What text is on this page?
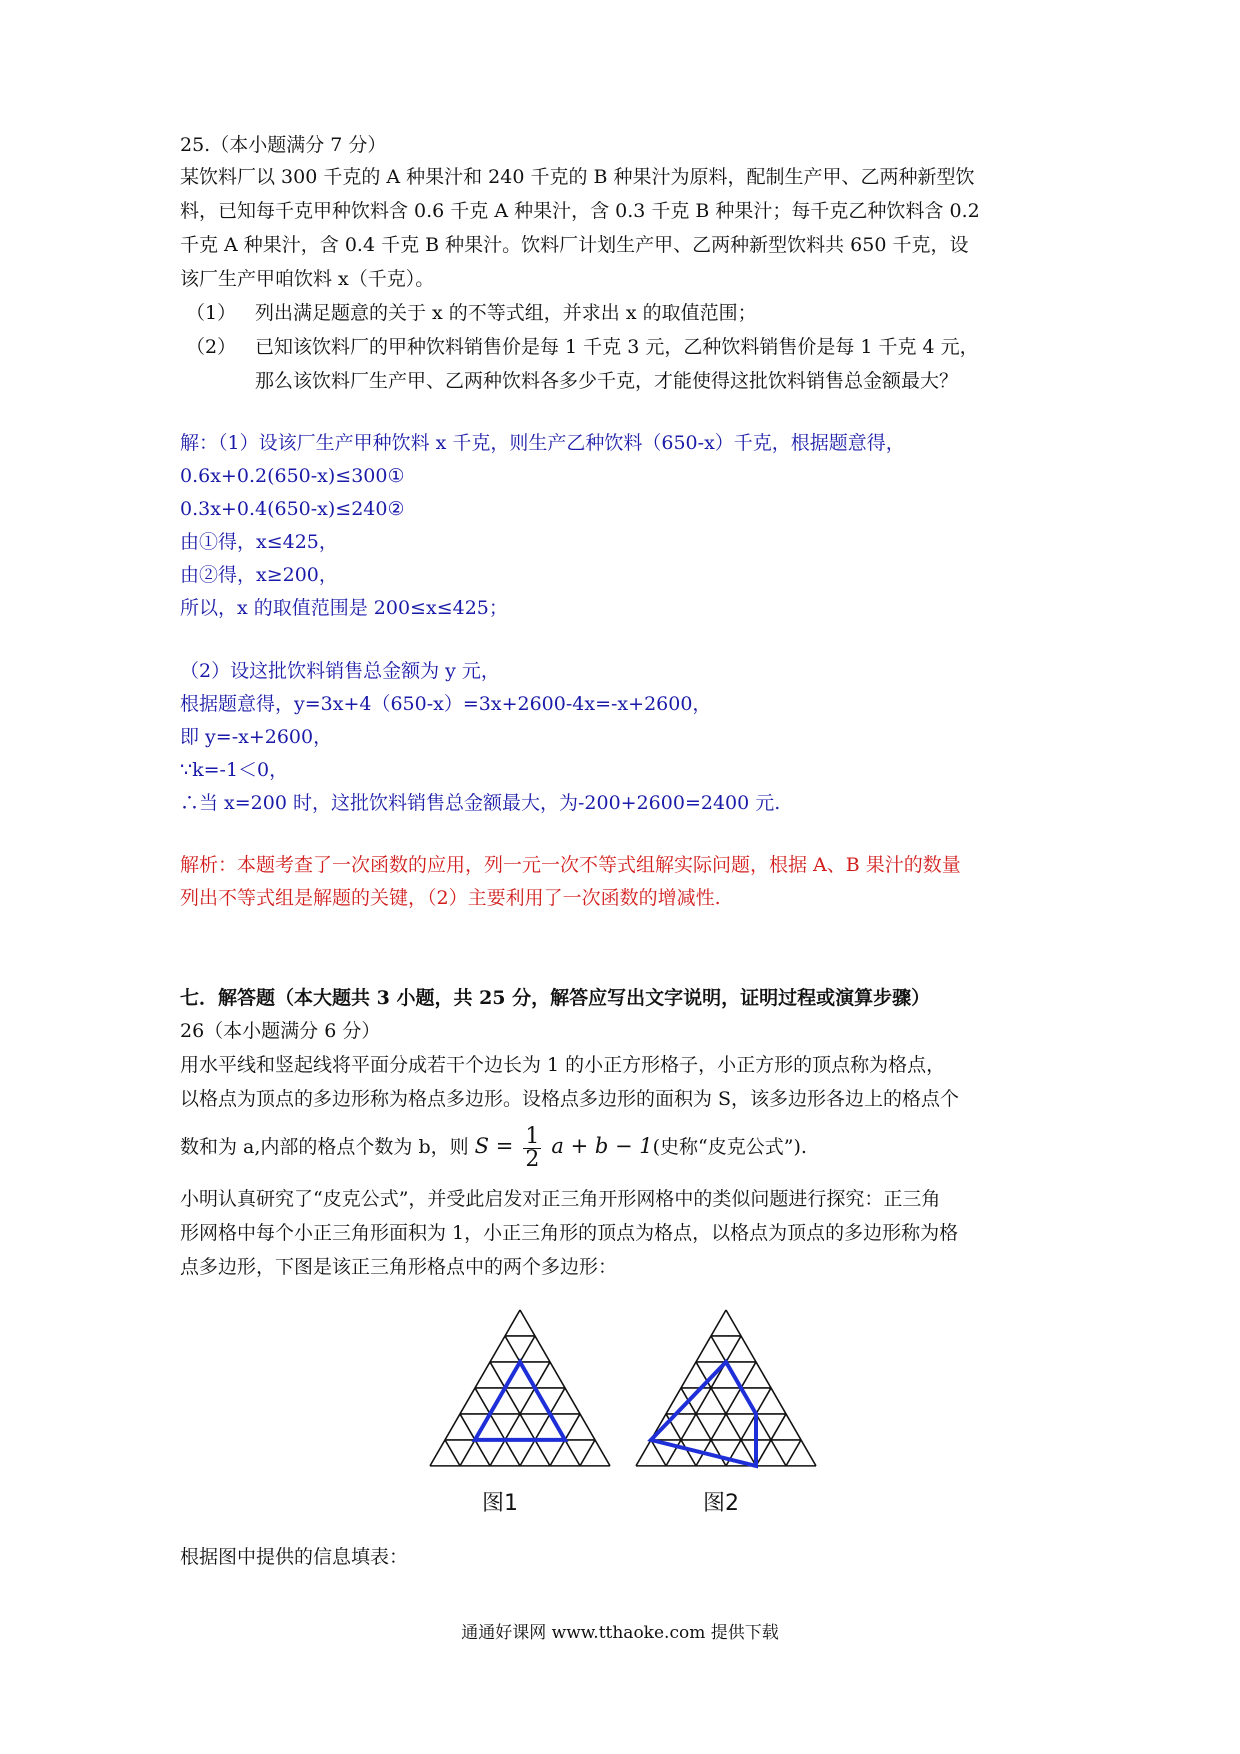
25.（本小题满分 7 分）
某饮料厂以 300 千克的 A 种果汁和 240 千克的 B 种果汁为原料，配制生产甲、乙两种新型饮
料，已知每千克甲种饮料含 0.6 千克 A 种果汁，含 0.3 千克 B 种果汁；每千克乙种饮料含 0.2
千克 A 种果汁，含 0.4 千克 B 种果汁。饮料厂计划生产甲、乙两种新型饮料共 650 千克，设
该厂生产甲咱饮料 x（千克）。
（1） 列出满足题意的关于 x 的不等式组，并求出 x 的取值范围；
（2） 已知该饮料厂的甲种饮料销售价是每 1 千克 3 元，乙种饮料销售价是每 1 千克 4 元，
那么该饮料厂生产甲、乙两种饮料各多少千克，才能使得这批饮料销售总金额最大？
解：（1）设该厂生产甲种饮料 x 千克，则生产乙种饮料（650-x）千克，根据题意得，
0.6x+0.2(650-x)≤300①
0.3x+0.4(650-x)≤240②
由①得，x≤425，
由②得，x≥200，
所以，x 的取值范围是 200≤x≤425；
（2）设这批饮料销售总金额为 y 元，
根据题意得，y=3x+4（650-x）=3x+2600-4x=-x+2600，
即 y=-x+2600，
∵k=-1＜0，
∴当 x=200 时，这批饮料销售总金额最大，为-200+2600=2400 元.
解析：本题考查了一次函数的应用，列一元一次不等式组解实际问题，根据 A、B 果汁的数量
列出不等式组是解题的关键，（2）主要利用了一次函数的增减性.
七．解答题（本大题共 3 小题，共 25 分，解答应写出文字说明，证明过程或演算步骤）
26（本小题满分 6 分）
用水平线和竖起线将平面分成若干个边长为 1 的小正方形格子，小正方形的顶点称为格点，
以格点为顶点的多边形称为格点多边形。设格点多边形的面积为 S，该多边形各边上的格点个
数和为 a,内部的格点个数为 b，则 $S = \frac{1}{2}$ a + b − 1(史称“皮克公式”).
小明认真研究了“皮克公式”，并受此启发对正三角开形网格中的类似问题进行探究：正三角
形网格中每个小正三角形面积为 1，小正三角形的顶点为格点，以格点为顶点的多边形称为格
点多边形，下图是该正三角形格点中的两个多边形：
图1	图2
根据图中提供的信息填表：
通通好课网 www.tthaoke.com 提供下载
